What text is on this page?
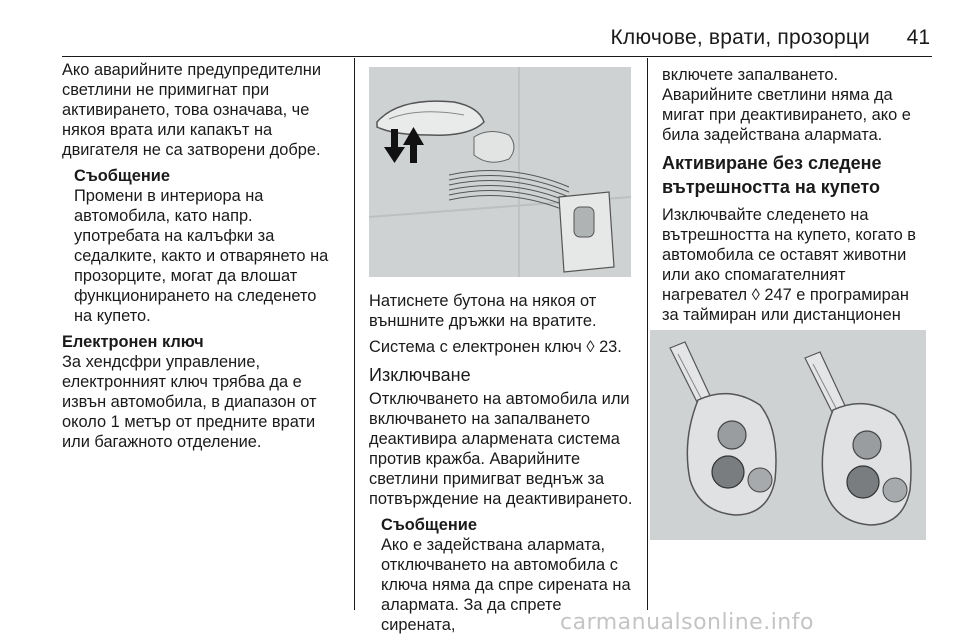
Ключове, врати, прозорци	41

Ако аварийните предупредителни

светлини не примигнат при

активирането, това означава, че

някоя врата или капакът на

двигателя не са затворени добре.

Съобщение

Промени в интериора на

автомобила, като напр.

употребата на калъфки за

седалките, както и отварянето на

прозорците, могат да влошат

функционирането на следенето

на купето.

Електронен ключ

За хендсфри управление,

електронният ключ трябва да е

извън автомобила, в диапазон от

около 1 метър от предните врати

или багажното отделение.

Натиснете бутона на някоя от

външните дръжки на вратите.

Система с електронен ключ ◊ 23.

Изключване

Отключването на автомобила или

включването на запалването

деактивира алармената система

против кражба. Аварийните

светлини примигват веднъж за

потвърждение на деактивирането.

Съобщение

Ако е задействана алармата,

отключването на автомобила с

ключа няма да спре сирената на

алармата. За да спрете сирената,

включете запалването.

Аварийните светлини няма да

мигат при деактивирането, ако е

била задействана алармата.

Активиране без следене

вътрешността на купето

Изключвайте следенето на

вътрешността на купето, когато в

автомобила се оставят животни

или ако спомагателният

нагревател ◊ 247 е програмиран

за таймиран или дистанционен

carmanualsonline.info
